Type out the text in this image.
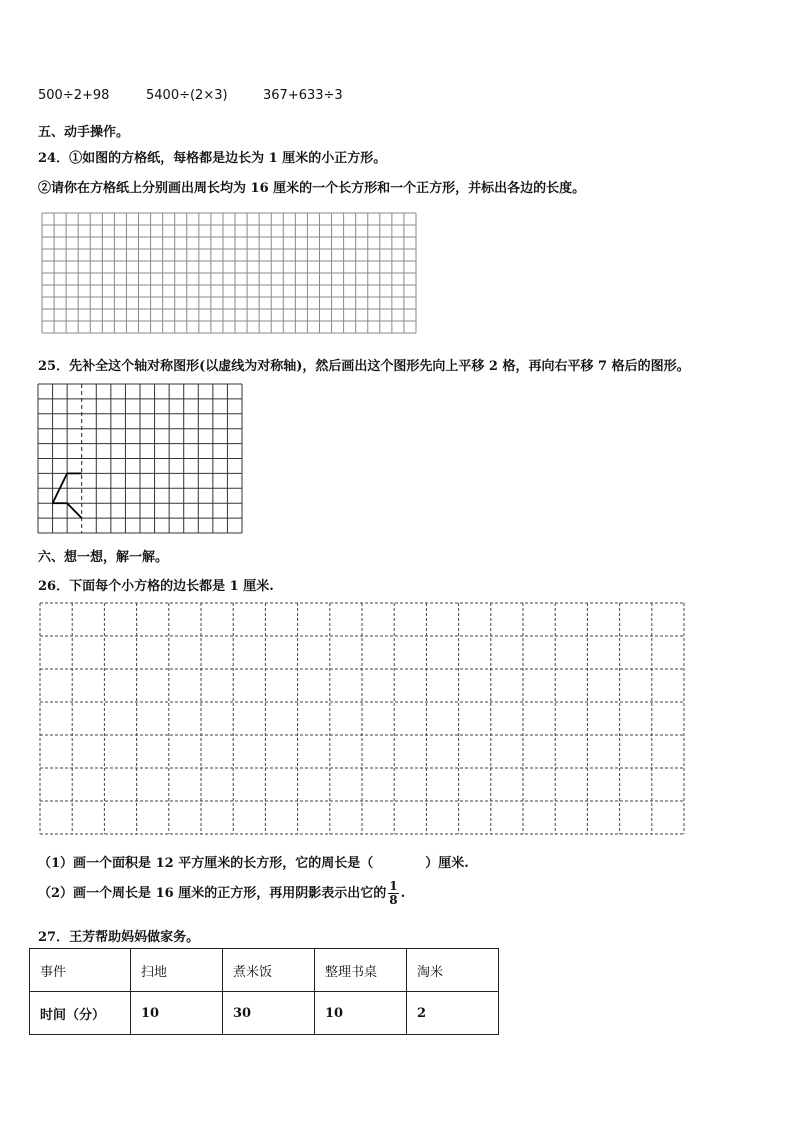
500÷2+98	5400÷(2×3)	367+633÷3
五、动手操作。
24．①如图的方格纸，每格都是边长为 1 厘米的小正方形。
②请你在方格纸上分别画出周长均为 16 厘米的一个长方形和一个正方形，并标出各边的长度。
25．先补全这个轴对称图形(以虚线为对称轴)，然后画出这个图形先向上平移 2 格，再向右平移 7 格后的图形。
六、想一想，解一解。
26．下面每个小方格的边长都是 1 厘米.
（1）画一个面积是 12 平方厘米的长方形，它的周长是（	）厘米.
（2）画一个周长是 16 厘米的正方形，再用阴影表示出它的 $\frac{1}{8}$ .
27．王芳帮助妈妈做家务。
事件	扫地	煮米饭	整理书桌	淘米
时间（分）	10	30	10	2
